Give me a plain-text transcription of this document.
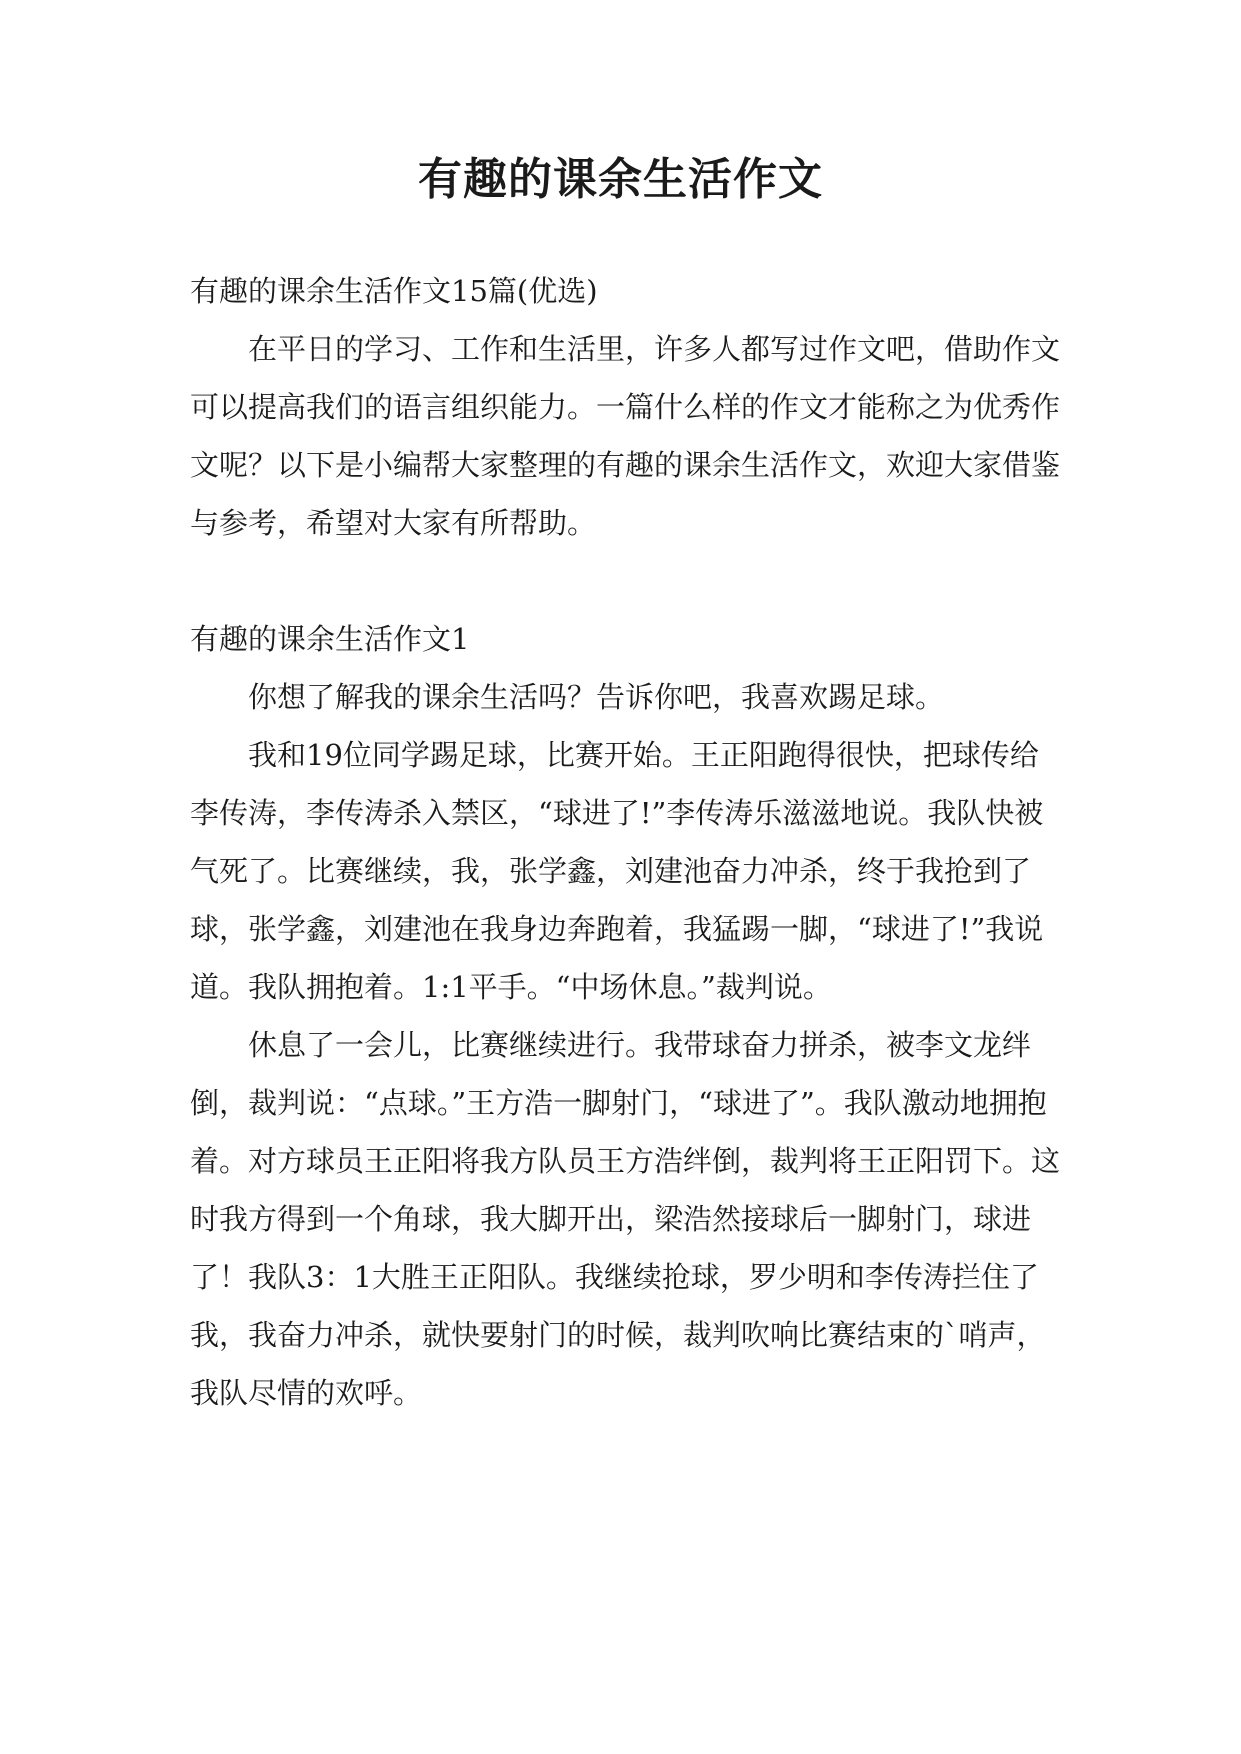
有趣的课余生活作文

有趣的课余生活作文15篇(优选)

在平日的学习、工作和生活里，许多人都写过作文吧，借助作文可以提高我们的语言组织能力。一篇什么样的作文才能称之为优秀作文呢？以下是小编帮大家整理的有趣的课余生活作文，欢迎大家借鉴与参考，希望对大家有所帮助。

有趣的课余生活作文1

你想了解我的课余生活吗？告诉你吧，我喜欢踢足球。

我和19位同学踢足球，比赛开始。王正阳跑得很快，把球传给李传涛，李传涛杀入禁区，“球进了!”李传涛乐滋滋地说。我队快被气死了。比赛继续，我，张学鑫，刘建池奋力冲杀，终于我抢到了球，张学鑫，刘建池在我身边奔跑着，我猛踢一脚，“球进了!”我说道。我队拥抱着。1:1平手。“中场休息。”裁判说。

休息了一会儿，比赛继续进行。我带球奋力拼杀，被李文龙绊倒，裁判说：“点球。”王方浩一脚射门，“球进了”。我队激动地拥抱着。对方球员王正阳将我方队员王方浩绊倒，裁判将王正阳罚下。这时我方得到一个角球，我大脚开出，梁浩然接球后一脚射门，球进了！我队3：1大胜王正阳队。我继续抢球，罗少明和李传涛拦住了我，我奋力冲杀，就快要射门的时候，裁判吹响比赛结束的`哨声，我队尽情的欢呼。
